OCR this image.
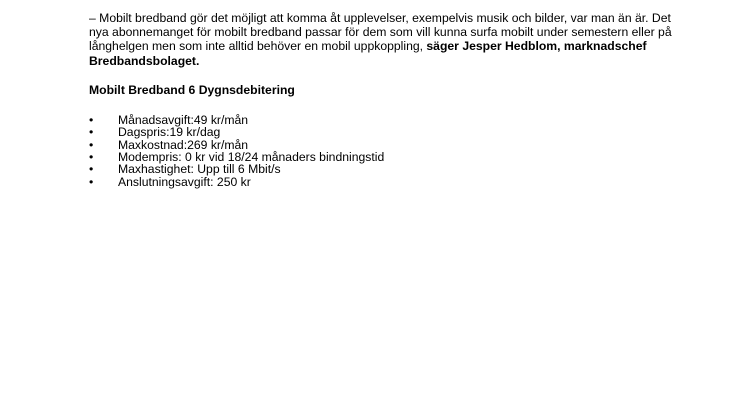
– Mobilt bredband gör det möjligt att komma åt upplevelser, exempelvis musik och bilder, var man än är. Det nya abonnemanget för mobilt bredband passar för dem som vill kunna surfa mobilt under semestern eller på långhelgen men som inte alltid behöver en mobil uppkoppling, säger Jesper Hedblom, marknadschef Bredbandsbolaget.

Mobilt Bredband 6 Dygnsdebitering

•	Månadsavgift:49 kr/mån
•	Dagspris:19 kr/dag
•	Maxkostnad:269 kr/mån
•	Modempris: 0 kr vid 18/24 månaders bindningstid
•	Maxhastighet: Upp till 6 Mbit/s
•	Anslutningsavgift: 250 kr
